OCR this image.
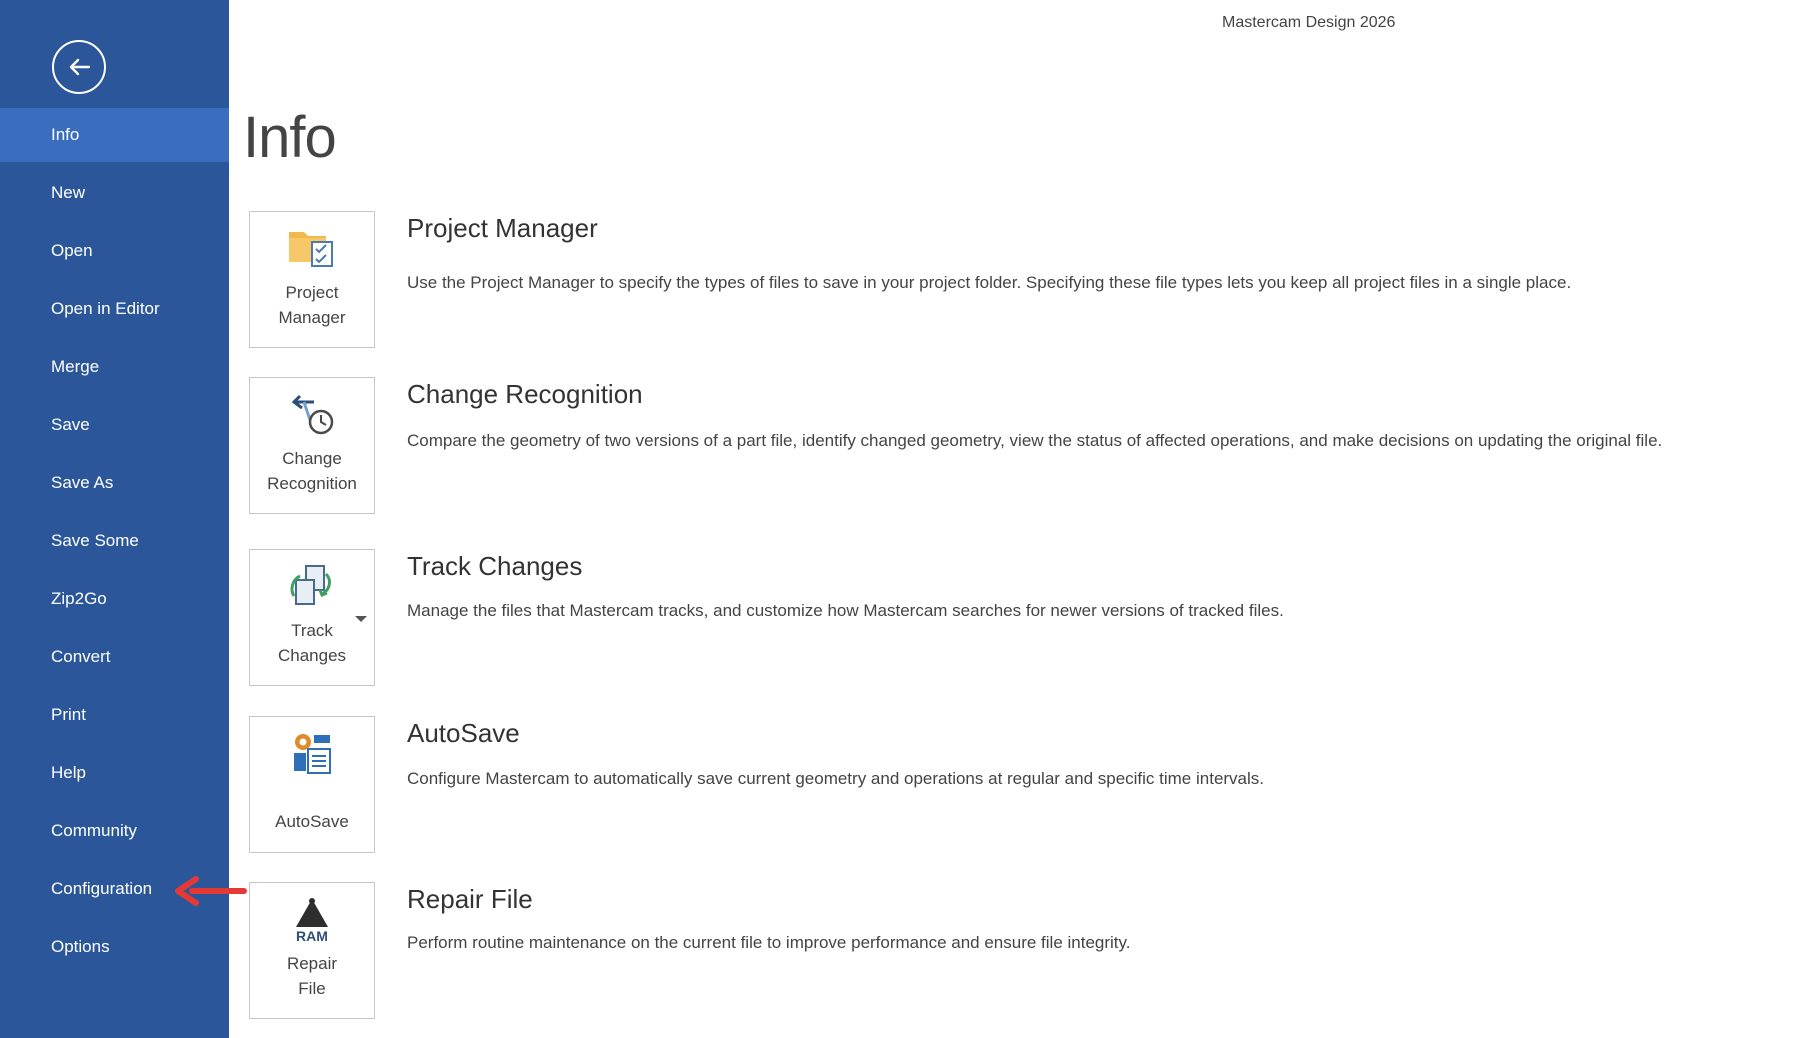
Info
New
Open
Open in Editor
Merge
Save
Save As
Save Some
Zip2Go
Convert
Print
Help
Community
Configuration
Options
Mastercam Design 2026
Info
Project
Manager
Project Manager

Use the Project Manager to specify the types of files to save in your project folder. Specifying these file types lets you keep all project files in a single place.

Change
Recognition
Change Recognition

Compare the geometry of two versions of a part file, identify changed geometry, view the status of affected operations, and make decisions on updating the original file.

Track
Changes
Track Changes

Manage the files that Mastercam tracks, and customize how Mastercam searches for newer versions of tracked files.

AutoSave
AutoSave

Configure Mastercam to automatically save current geometry and operations at regular and specific time intervals.

RAM
Repair
File
Repair File

Perform routine maintenance on the current file to improve performance and ensure file integrity.
